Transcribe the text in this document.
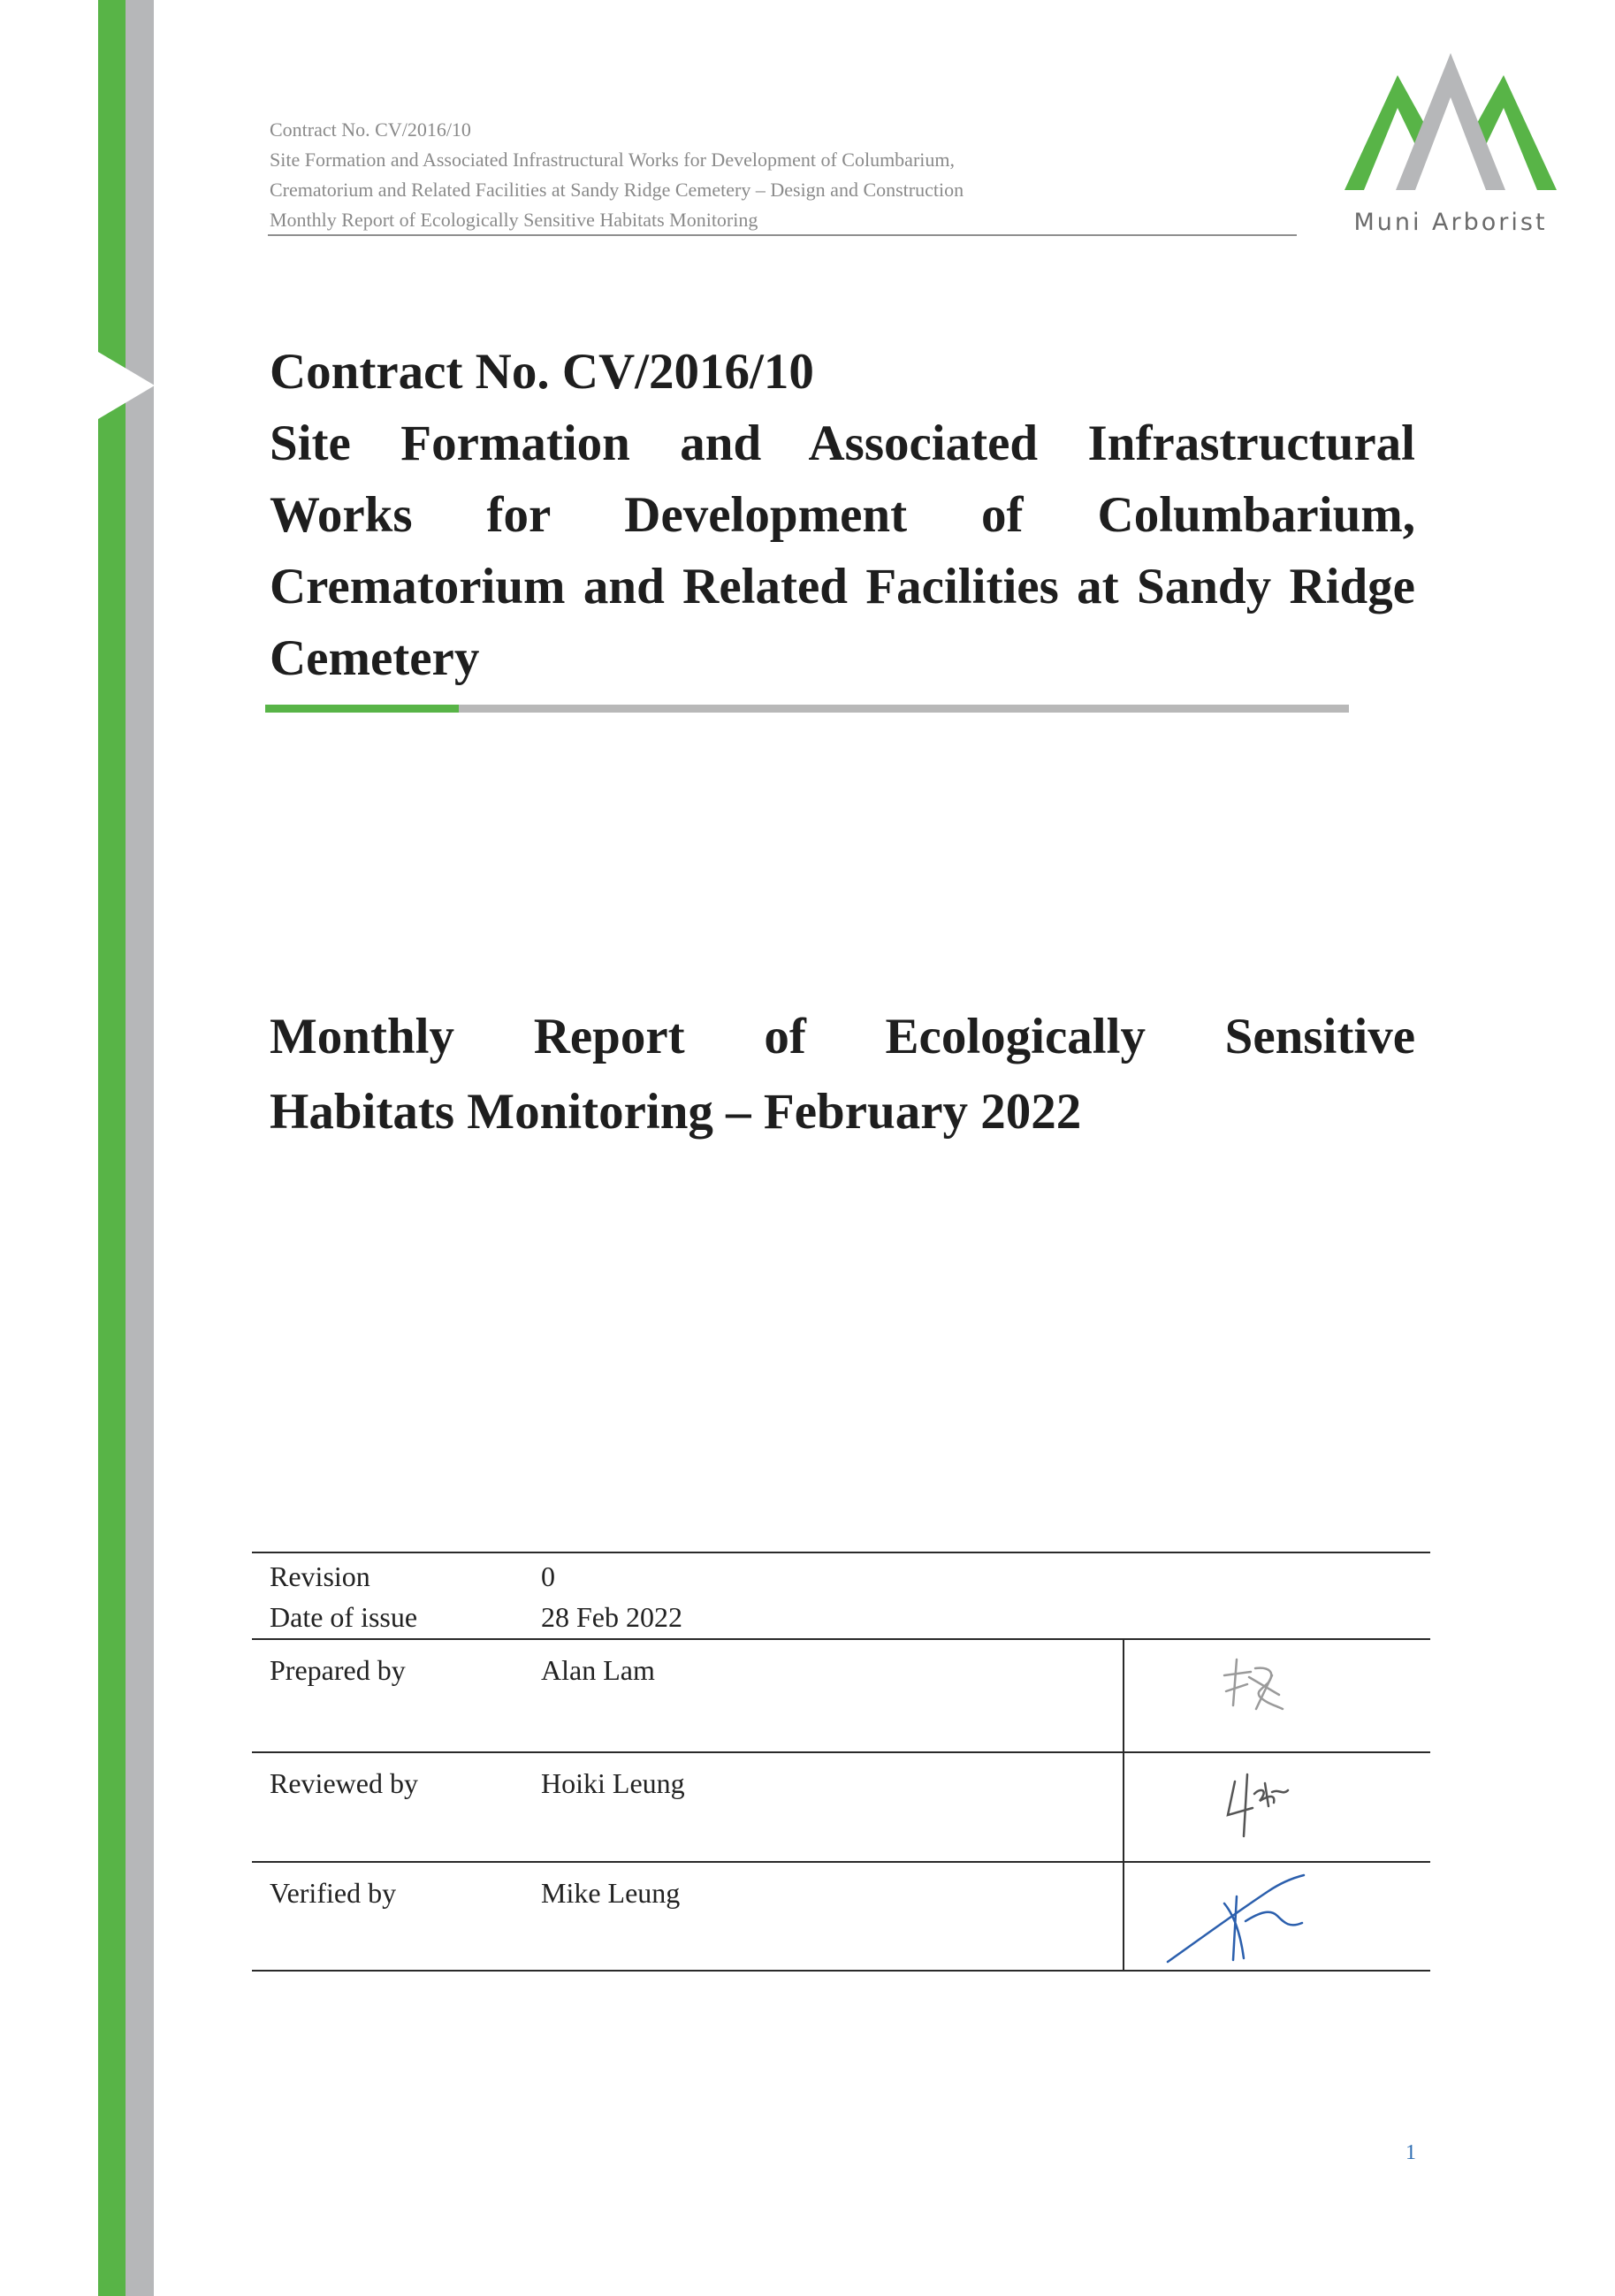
Contract No. CV/2016/10
Site Formation and Associated Infrastructural Works for Development of Columbarium,
Crematorium and Related Facilities at Sandy Ridge Cemetery – Design and Construction
Monthly Report of Ecologically Sensitive Habitats Monitoring	Muni Arborist
Contract No. CV/2016/10
Site Formation and Associated Infrastructural
Works for Development of Columbarium,
Crematorium and Related Facilities at Sandy Ridge
Cemetery
Monthly Report of Ecologically Sensitive
Habitats Monitoring – February 2022
Revision	0
Date of issue	28 Feb 2022
Prepared by	Alan Lam
Reviewed by	Hoiki Leung
Verified by	Mike Leung
1
